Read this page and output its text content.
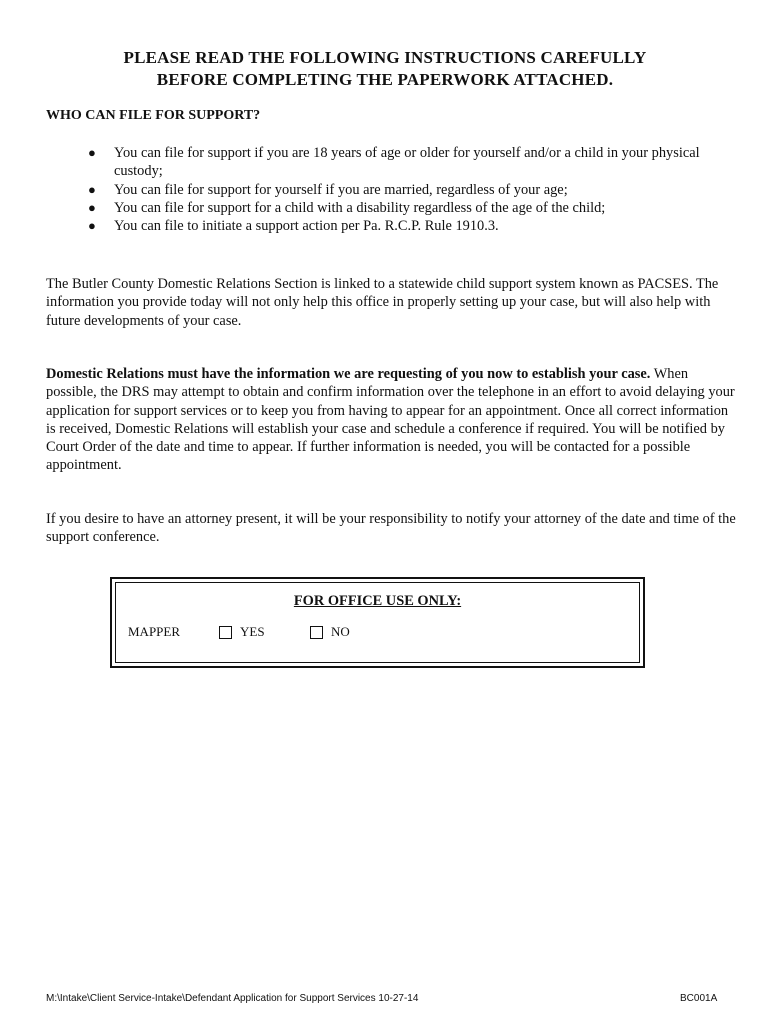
PLEASE READ THE FOLLOWING INSTRUCTIONS CAREFULLY
BEFORE COMPLETING THE PAPERWORK ATTACHED.
WHO CAN FILE FOR SUPPORT?
● You can file for support if you are 18 years of age or older for yourself and/or a child in your physical custody;
● You can file for support for yourself if you are married, regardless of your age;
● You can file for support for a child with a disability regardless of the age of the child;
● You can file to initiate a support action per Pa. R.C.P. Rule 1910.3.
The Butler County Domestic Relations Section is linked to a statewide child support system known as PACSES. The information you provide today will not only help this office in properly setting up your case, but will also help with future developments of your case.
Domestic Relations must have the information we are requesting of you now to establish your case. When possible, the DRS may attempt to obtain and confirm information over the telephone in an effort to avoid delaying your application for support services or to keep you from having to appear for an appointment. Once all correct information is received, Domestic Relations will establish your case and schedule a conference if required. You will be notified by Court Order of the date and time to appear. If further information is needed, you will be contacted for a possible appointment.
If you desire to have an attorney present, it will be your responsibility to notify your attorney of the date and time of the support conference.
FOR OFFICE USE ONLY:
MAPPER	YES	NO
M:\Intake\Client Service-Intake\Defendant Application for Support Services 10-27-14	BC001A
